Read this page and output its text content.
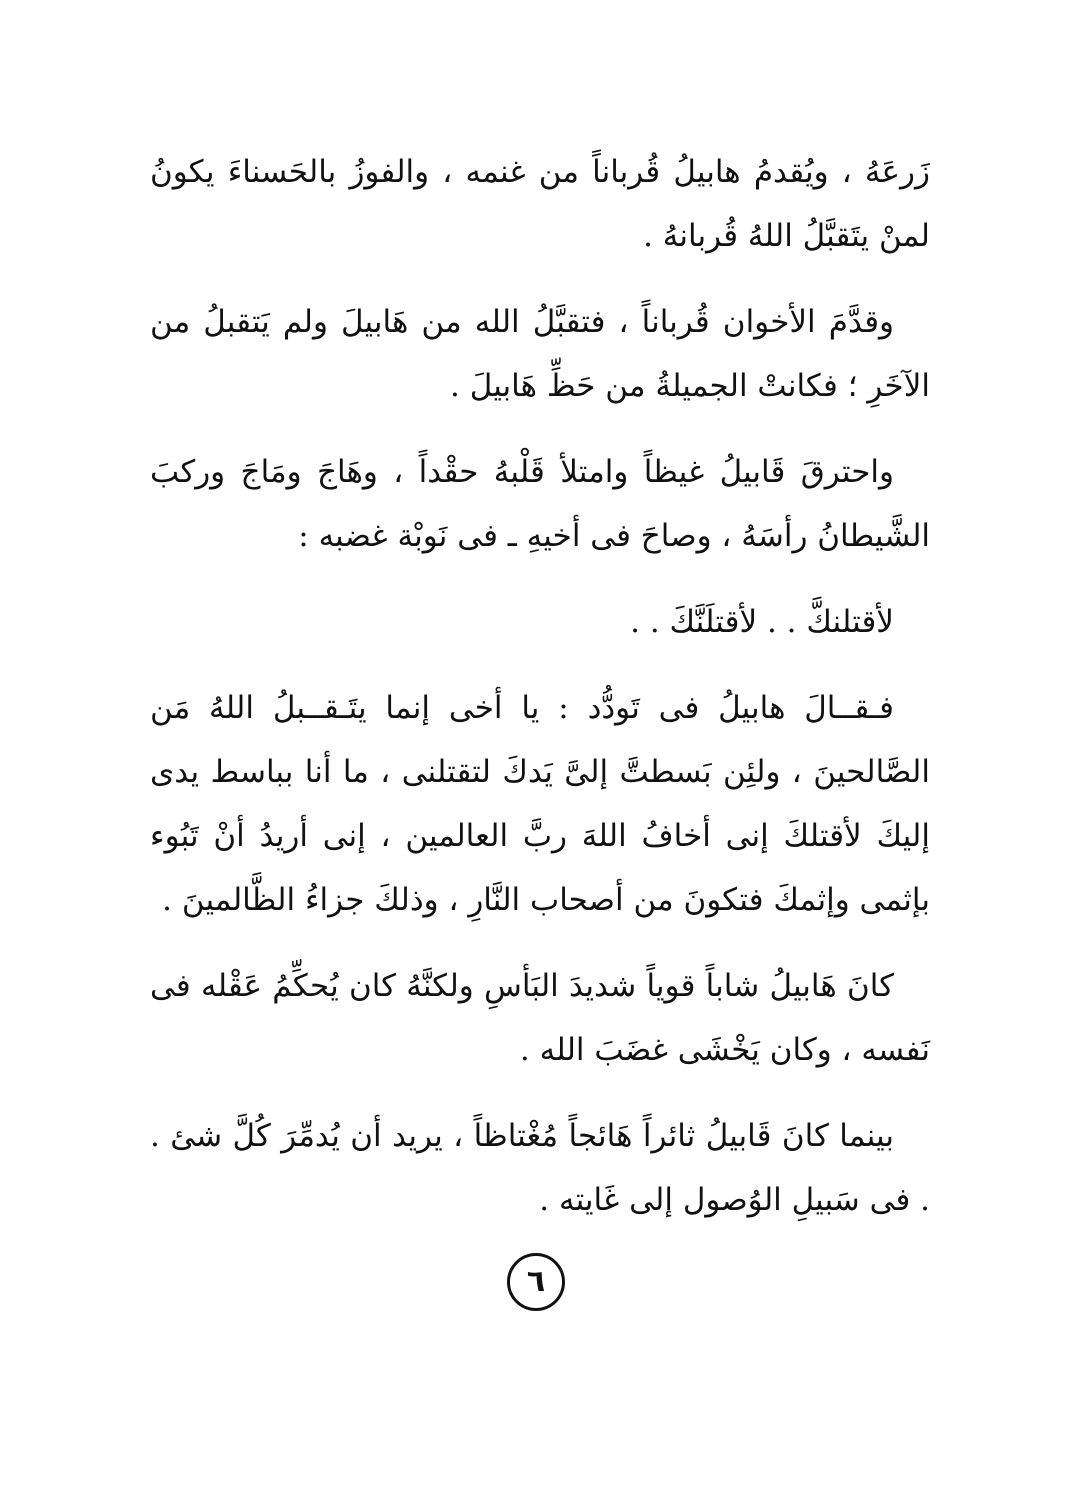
زَرعَهُ ، ويُقدمُ هابيلُ قُرباناً من غنمه ، والفوزُ بالحَسناءَ يكونُ لمنْ يتَقبَّلُ اللهُ قُربانهُ .

وقدَّمَ الأخوان قُرباناً ، فتقبَّلُ الله من هَابيلَ ولم يَتقبلُ من الآخَرِ ؛ فكانتْ الجميلةُ من حَظِّ هَابيلَ .

واحترقَ قَابيلُ غيظاً وامتلأ قَلْبهُ حقْداً ، وهَاجَ ومَاجَ وركبَ الشَّيطانُ رأسَهُ ، وصاحَ فى أخيهِ ـ فى نَوبْة غضبه :

لأقتلنكَّ . . لأقتلَنَّكَ . .

فـقــالَ هابيلُ فى تَودُّد : يا أخى إنما يتَـقــبلُ اللهُ مَن الصَّالحينَ ، ولئِن بَسطتَّ إلىَّ يَدكَ لتقتلنى ، ما أنا بباسط يدى إليكَ لأقتلكَ إنى أخافُ اللهَ ربَّ العالمين ، إنى أريدُ أنْ تَبُوء بإثمى وإثمكَ فتكونَ من أصحاب النَّارِ ، وذلكَ جزاءُ الظَّالمينَ .

كانَ هَابيلُ شاباً قوياً شديدَ البَأسِ ولكنَّهُ كان يُحكِّمُ عَقْله فى نَفسه ، وكان يَخْشَى غضَبَ الله .

بينما كانَ قَابيلُ ثائراً هَائجاً مُغْتاظاً ، يريد أن يُدمِّرَ كُلَّ شئ . . فى سَبيلِ الوُصول إلى غَايته .

٦
